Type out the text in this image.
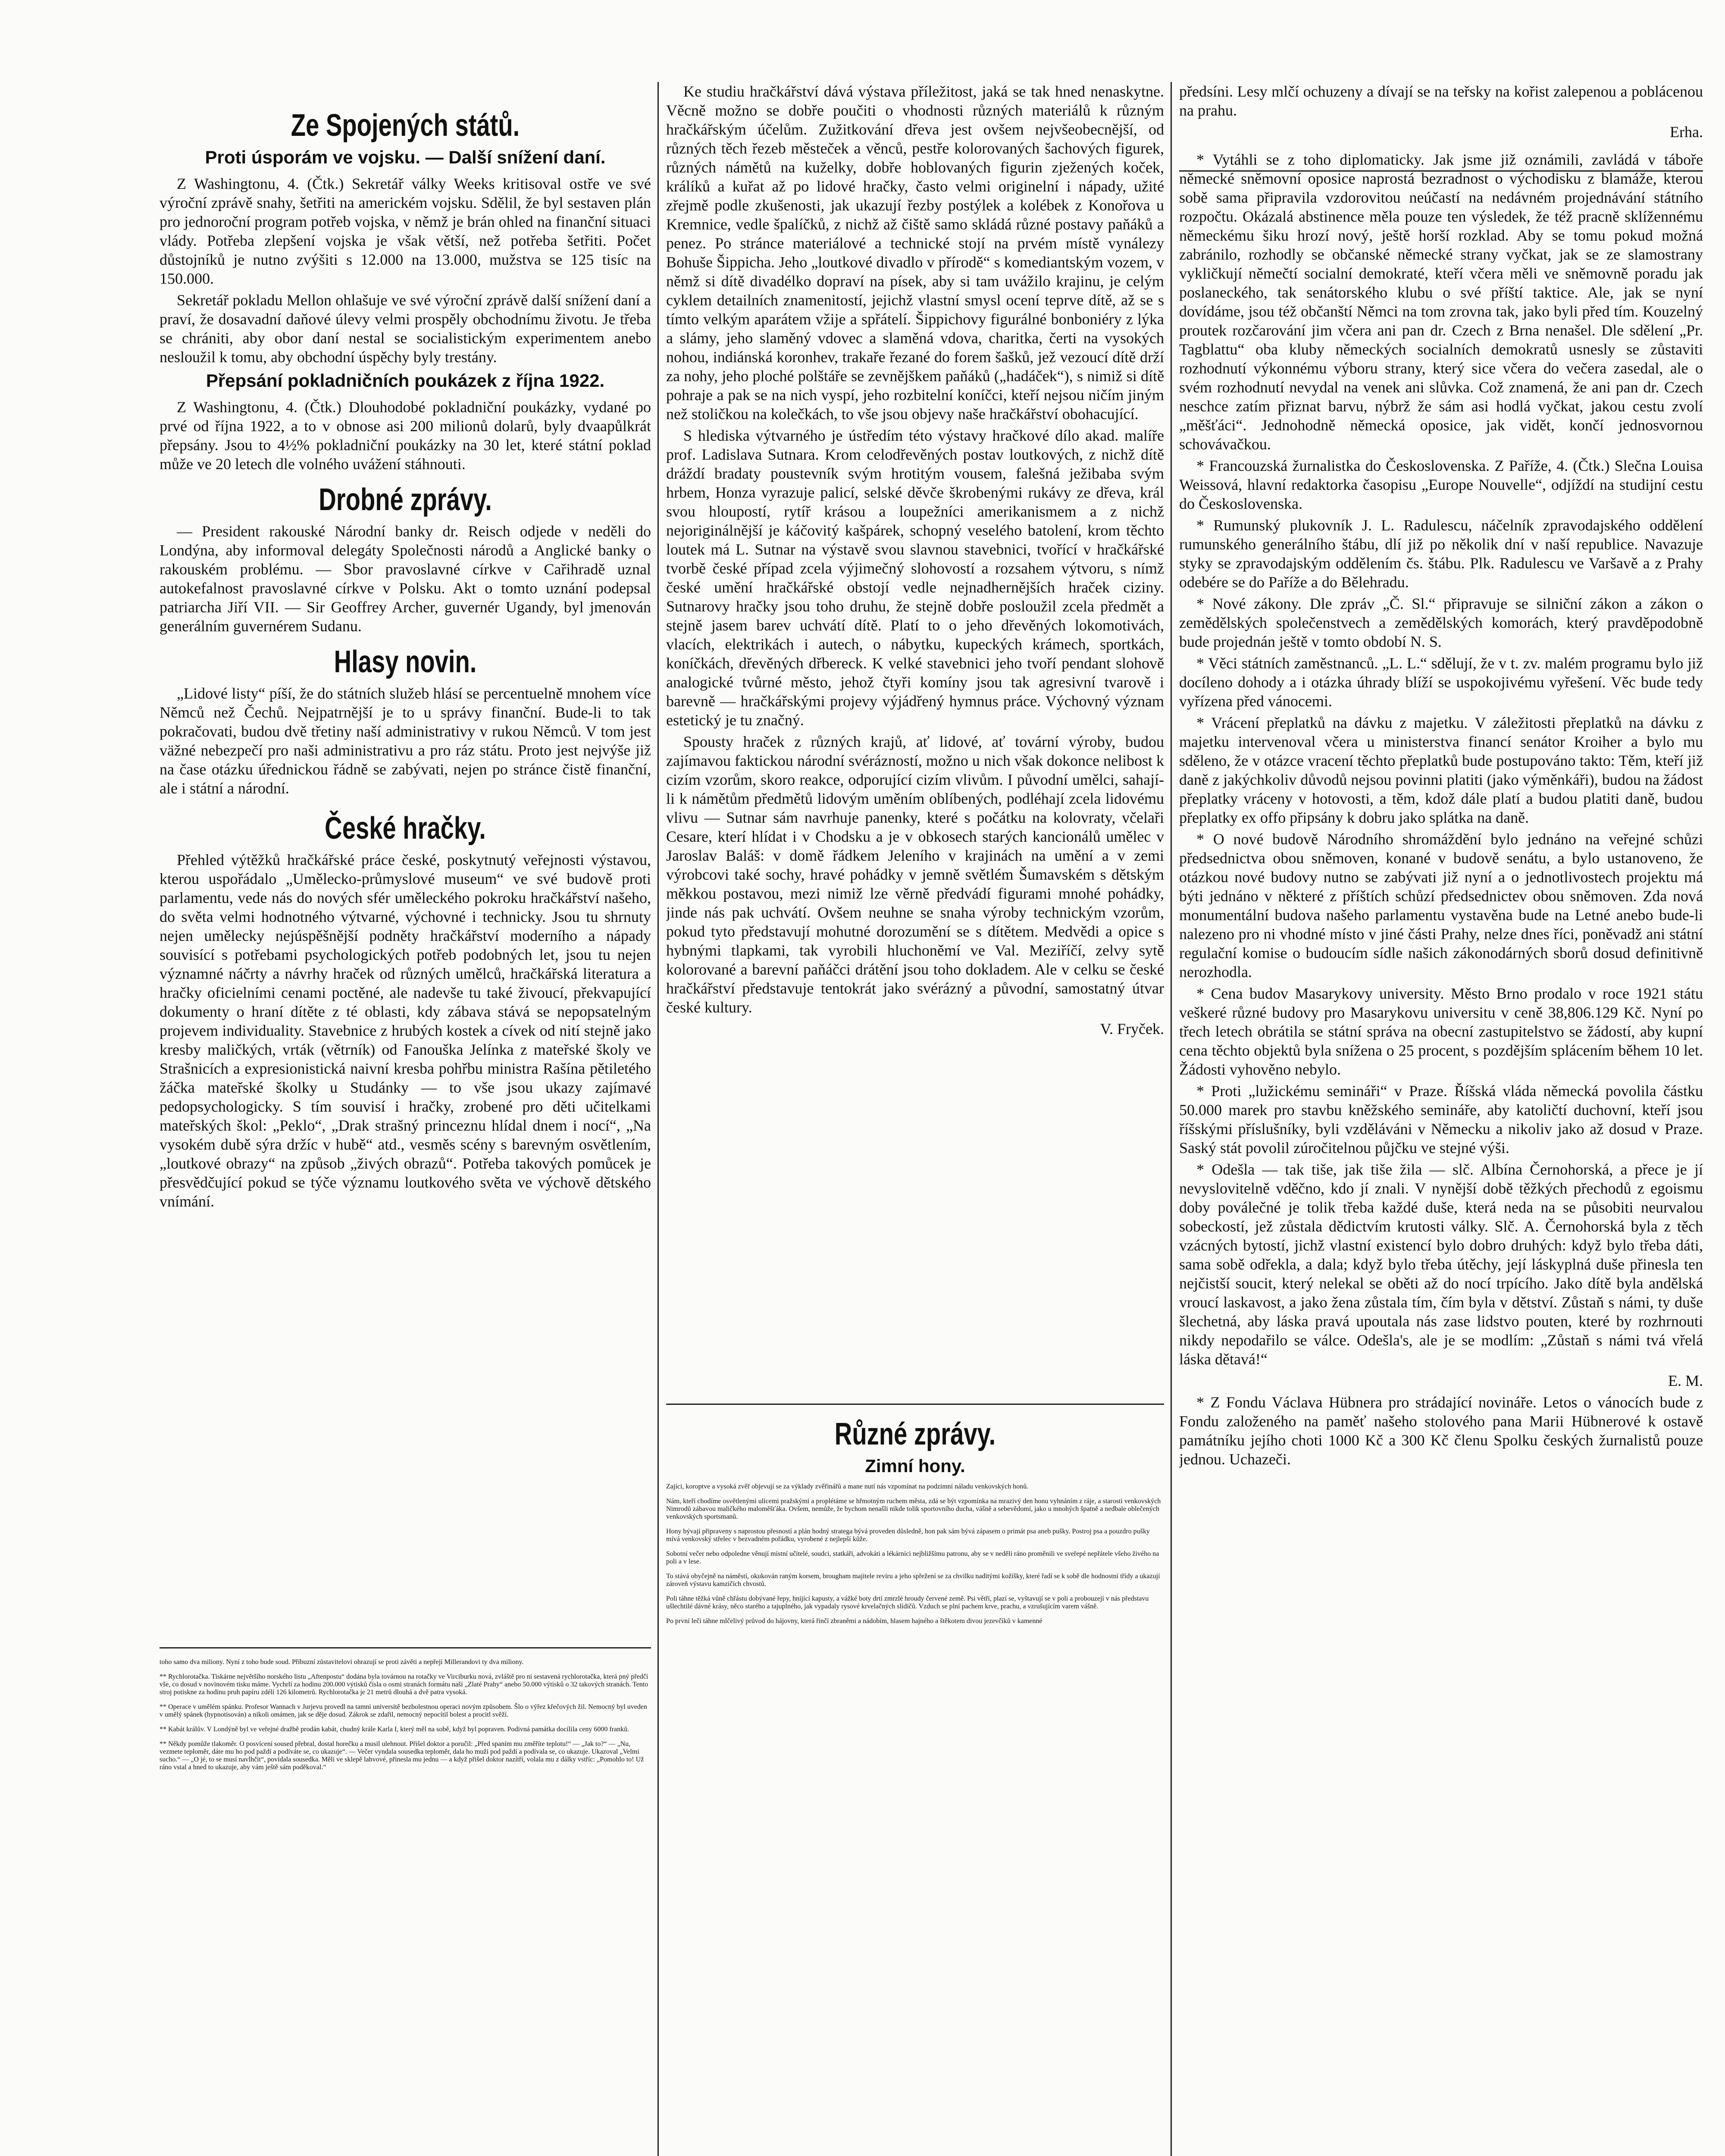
Ze Spojených států.
Proti úsporám ve vojsku. — Další snížení daní.

Z Washingtonu, 4. (Čtk.) Sekretář války Weeks kritisoval ostře ve své výroční zprávě snahy, šetřiti na americkém vojsku. Sdělil, že byl sestaven plán pro jednoroční program potřeb vojska, v němž je brán ohled na finanční situaci vlády. Potřeba zlepšení vojska je však větší, než potřeba šetřiti. Počet důstojníků je nutno zvýšiti s 12.000 na 13.000, mužstva se 125 tisíc na 150.000.

Sekretář pokladu Mellon ohlašuje ve své výroční zprávě další snížení daní a praví, že dosavadní daňové úlevy velmi prospěly obchodnímu životu. Je třeba se chrániti, aby obor daní nestal se socialistickým experimentem anebo nesloužil k tomu, aby obchodní úspěchy byly trestány.

Přepsání pokladničních poukázek z října 1922.

Z Washingtonu, 4. (Čtk.) Dlouhodobé pokladniční poukázky, vydané po prvé od října 1922, a to v obnose asi 200 milionů dolarů, byly dvaapůlkrát přepsány. Jsou to 4½% pokladniční poukázky na 30 let, které státní poklad může ve 20 letech dle volného uvážení stáhnouti.

Drobné zprávy.

— President rakouské Národní banky dr. Reisch odjede v neděli do Londýna, aby informoval delegáty Společnosti národů a Anglické banky o rakouském problému. — Sbor pravoslavné církve v Cařihradě uznal autokefalnost pravoslavné církve v Polsku. Akt o tomto uznání podepsal patriarcha Jiří VII. — Sir Geoffrey Archer, guvernér Ugandy, byl jmenován generálním guvernérem Sudanu.

Hlasy novin.

„Lidové listy“ píší, že do státních služeb hlásí se percentuelně mnohem více Němců než Čechů. Nejpatrnější je to u správy finanční. Bude-li to tak pokračovati, budou dvě třetiny naší administrativy v rukou Němců. V tom jest väžné nebezpečí pro naši administrativu a pro ráz státu. Proto jest nejvýše již na čase otázku úřednickou řádně se zabývati, nejen po stránce čistě finanční, ale i státní a národní.

České hračky.

Přehled výtěžků hračkářské práce české, poskytnutý veřejnosti výstavou, kterou uspořádalo „Umělecko-průmyslové museum“ ve své budově proti parlamentu, vede nás do nových sfér uměleckého pokroku hračkářství našeho, do světa velmi hodnotného výtvarné, výchovné i technicky. Jsou tu shrnuty nejen umělecky nejúspěšnější podněty hračkářství moderního a nápady souvisící s potřebami psychologických potřeb podobných let, jsou tu nejen významné náčrty a návrhy hraček od různých umělců, hračkářská literatura a hračky oficielními cenami poctěné, ale nadevše tu také živoucí, překvapující dokumenty o hraní dítěte z té oblasti, kdy zábava stává se nepopsatelným projevem individuality. Stavebnice z hrubých kostek a cívek od nití stejně jako kresby maličkých, vrták (větrník) od Fanouška Jelínka z mateřské školy ve Strašnicích a expresionistická naivní kresba pohřbu ministra Rašína pětiletého žáčka mateřské školky u Studánky — to vše jsou ukazy zajímavé pedopsychologicky. S tím souvisí i hračky, zrobené pro děti učitelkami mateřských škol: „Peklo“, „Drak strašný princeznu hlídal dnem i nocí“, „Na vysokém dubě sýra držíc v hubě“ atd., vesměs scény s barevným osvětlením, „loutkové obrazy“ na způsob „živých obrazů“. Potřeba takových pomůcek je přesvědčující pokud se týče významu loutkového světa ve výchově dětského vnímání.

toho samo dva miliony. Nyní z toho bude soud. Příbuzní zůstavitelovi ohrazují se proti závěti a nepřejí Millerandovi ty dva miliony.

** Rychlorotačka. Tiskárne největšího norského listu „Aftenpostu“ dodána byla továrnou na rotačky ve Virciburku nová, zvláště pro ni sestavená rychlorotačka, která pný předčí vše, co dosud v novinovém tisku máme. Vychrlí za hodinu 200.000 výtisků čísla o osmi stranách formátu naší „Zlaté Prahy“ anebo 50.000 výtisků o 32 takových stranách. Tento stroj potiskne za hodinu pruh papíru zdélí 126 kilometrů. Rychlorotačka je 21 metrů dlouhá a dvě patra vysoká.

** Operace v umělém spánku. Profesor Wannach v Jurjevu provedl na tamní universitě bezbolestnou operaci novým způsobem. Šlo o výřez křečových žil. Nemocný byl uveden v umělý spánek (hypnotisován) a nikoli omámen, jak se děje dosud. Zákrok se zdařil, nemocný nepocítil bolest a procitl svěží.

** Kabát králův. V Londýně byl ve veřejné dražbě prodán kabát, chudný krále Karla I, který měl na sobě, když byl popraven. Podivná památka docílila ceny 6000 franků.

** Někdy pomůže tlakoměr. O posvícení soused přebral, dostal horečku a musil ulehnout. Přišel doktor a poručil: „Před spaním mu změříte teplotu!“ — „Jak to?“ — „Nu, vezmete teploměr, dáte mu ho pod paždí a podíváte se, co ukazuje“. — Večer vyndala sousedka teploměr, dala ho muži pod paždí a podívala se, co ukazuje. Ukazoval „Velmi sucho.“ — „O jé, to se musí navlhčit“, povídala sousedka. Měli ve sklepě lahvové, přinesla mu jednu — a když přišel doktor nazítří, volala mu z dálky vstříc: „Pomohlo to! Už ráno vstal a hned to ukazuje, aby vám ještě sám poděkoval.“

Ke studiu hračkářství dává výstava příležitost, jaká se tak hned nenaskytne. Věcně možno se dobře poučiti o vhodnosti různých materiálů k různým hračkářským účelům. Zužitkování dřeva jest ovšem nejvšeobecnější, od různých těch řezeb městeček a věnců, pestře kolorovaných šachových figurek, různých námětů na kuželky, dobře hoblovaných figurin zježených koček, králíků a kuřat až po lidové hračky, často velmi originelní i nápady, užité zřejmě podle zkušenosti, jak ukazují řezby postýlek a kolébek z Konořova u Kremnice, vedle špalíčků, z nichž až čiště samo skládá různé postavy paňáků a penez. Po stránce materiálové a technické stojí na prvém místě vynálezy Bohuše Šippicha. Jeho „loutkové divadlo v přírodě“ s komediantským vozem, v němž si dítě divadélko dopraví na písek, aby si tam uvážilo krajinu, je celým cyklem detailních znamenitostí, jejichž vlastní smysl ocení teprve dítě, až se s tímto velkým aparátem vžije a spřátelí. Šippichovy figurálné bonboniéry z lýka a slámy, jeho slaměný vdovec a slaměná vdova, charitka, čerti na vysokých nohou, indiánská koronhev, trakaře řezané do forem šašků, jež vezoucí dítě drží za nohy, jeho ploché polštáře se zevnějškem paňáků („hadáček“), s nimiž si dítě pohraje a pak se na nich vyspí, jeho rozbitelní koníčci, kteří nejsou ničím jiným než stoličkou na kolečkách, to vše jsou objevy naše hračkářství obohacující.

S hlediska výtvarného je ústředím této výstavy hračkové dílo akad. malíře prof. Ladislava Sutnara. Krom celodřevěných postav loutkových, z nichž dítě dráždí bradaty poustevník svým hrotitým vousem, falešná ježibaba svým hrbem, Honza vyrazuje palicí, selské děvče škrobenými rukávy ze dřeva, král svou hloupostí, rytíř krásou a loupežníci amerikanismem a z nichž nejoriginálnější je káčovitý kašpárek, schopný veselého batolení, krom těchto loutek má L. Sutnar na výstavě svou slavnou stavebnici, tvořící v hračkářské tvorbě české případ zcela výjimečný slohovostí a rozsahem výtvoru, s nímž české umění hračkářské obstojí vedle nejnadhernějších hraček ciziny. Sutnarovy hračky jsou toho druhu, že stejně dobře posloužil zcela předmět a stejně jasem barev uchvátí dítě. Platí to o jeho dřevěných lokomotivách, vlacích, elektrikách i autech, o nábytku, kupeckých krámech, sportkách, koníčkách, dřevěných dřbereck. K velké stavebnici jeho tvoří pendant slohově analogické tvůrné město, jehož čtyři komíny jsou tak agresivní tvarově i barevně — hračkářskými projevy výjádřený hymnus práce. Výchovný význam estetický je tu značný.

Spousty hraček z různých krajů, ať lidové, ať tovární výroby, budou zajímavou faktickou národní svérázností, možno u nich však dokonce nelibost k cizím vzorům, skoro reakce, odporující cizím vlivům. I původní umělci, sahají-li k námětům předmětů lidovým uměním oblíbených, podléhají zcela lidovému vlivu — Sutnar sám navrhuje panenky, které s počátku na kolovraty, včelaři Cesare, kterí hlídat i v Chodsku a je v obkosech starých kancionálů umělec v Jaroslav Baláš: v domě řádkem Jeleního v krajinách na umění a v zemi výrobcovi také sochy, hravé pohádky v jemně světlém Šumavském s dětským měkkou postavou, mezi nimiž lze věrně předvádí figurami mnohé pohádky, jinde nás pak uchvátí. Ovšem neuhne se snaha výroby technickým vzorům, pokud tyto představují mohutné dorozumění se s dítětem. Medvědi a opice s hybnými tlapkami, tak vyrobili hluchoněmí ve Val. Meziříčí, zelvy sytě kolorované a barevní paňáčci drátění jsou toho dokladem. Ale v celku se české hračkářství představuje tentokrát jako svérázný a původní, samostatný útvar české kultury.

V. Fryček.

Různé zprávy.
Zimní hony.

Zajíci, koroptve a vysoká zvěř objevují se za výklady zvěřinářů a mane nutí nás vzpomínat na podzimní náladu venkovských honů.

Nám, kteří chodíme osvětlenými ulicemi pražskými a proplétáme se hřmotným ruchem města, zdá se být vzpomínka na mrazivý den honu vyhnáním z ráje, a starosti venkovských Nimrodů zábavou maličkého maloměšťáka. Ovšem, nemůže, že bychom nenašli nikde tolik sportovního ducha, vášně a sebevědomí, jako u mnohých špatně a nedbale oblečených venkovských sportsmanů.

Hony bývají připraveny s naprostou přesností a plán hodný stratega bývá proveden důsledně, hon pak sám bývá zápasem o primát psa aneb pušky. Postroj psa a pouzdro pušky mívá venkovský střelec v bezvadném pořádku, vyrobené z nejlepší kůže.

Sobotní večer nebo odpoledne věnují místní učitelé, soudci, statkáři, advokáti a lékárníci nejbližšímu patronu, aby se v neděli ráno proměnili ve sveřepé nepřátele všeho živého na poli a v lese.

To stává obyčejně na náměstí, okukován raným korsem, brougham majitele revíru a jeho spřežení se za chvilku naditými kožíšky, které řadí se k sobě dle hodnostní třídy a ukazují zároveň výstavu kamzičích chvostů.

Poli táhne těžká vůně chřástu dobývané řepy, hnijící kapusty, a vážké boty drtí zmrzlé hroudy červené země. Psi větří, plazí se, vyštavují se v poli a probouzejí v nás představu ušlechtilé dávné krásy, něco starého a tajuplného, jak vypadaly rysové krvelačných slídičů. Vzduch se plní pachem krve, prachu, a vzrušujícím varem vášně.

Po první leči táhne mlčelivý průvod do hájovny, která řinčí zbraněmi a nádobím, hlasem hajného a štěkotem divou jezevčíků v kamenné

předsíni. Lesy mlčí ochuzeny a dívají se na teřsky na kořist zalepenou a poblácenou na prahu.

Erha.

* Vytáhli se z toho diplomaticky. Jak jsme již oznámili, zavládá v táboře německé sněmovní oposice naprostá bezradnost o východisku z blamáže, kterou sobě sama připravila vzdorovitou neúčastí na nedávném projednávání státního rozpočtu. Okázalá abstinence měla pouze ten výsledek, že též pracně sklížennému německému šiku hrozí nový, ještě horší rozklad. Aby se tomu pokud možná zabránilo, rozhodly se občanské německé strany vyčkat, jak se ze slamostrany vykličkují němečtí socialní demokraté, kteří včera měli ve sněmovně poradu jak poslaneckého, tak senátorského klubu o své příští taktice. Ale, jak se nyní dovídáme, jsou též občanští Němci na tom zrovna tak, jako byli před tím. Kouzelný proutek rozčarování jim včera ani pan dr. Czech z Brna nenašel. Dle sdělení „Pr. Tagblattu“ oba kluby německých socialních demokratů usnesly se zůstaviti rozhodnutí výkonnému výboru strany, který sice včera do večera zasedal, ale o svém rozhodnutí nevydal na venek ani slůvka. Což znamená, že ani pan dr. Czech neschce zatím přiznat barvu, nýbrž že sám asi hodlá vyčkat, jakou cestu zvolí „měšťáci“. Jednohodně německá oposice, jak vidět, končí jednosvornou schovávačkou.

* Francouzská žurnalistka do Československa. Z Paříže, 4. (Čtk.) Slečna Louisa Weissová, hlavní redaktorka časopisu „Europe Nouvelle“, odjíždí na studijní cestu do Československa.

* Rumunský plukovník J. L. Radulescu, náčelník zpravodajského oddělení rumunského generálního štábu, dlí již po několik dní v naší republice. Navazuje styky se zpravodajským oddělením čs. štábu. Plk. Radulescu ve Varšavě a z Prahy odebére se do Paříže a do Bělehradu.

* Nové zákony. Dle zpráv „Č. Sl.“ připravuje se silniční zákon a zákon o zemědělských společenstvech a zemědělských komorách, který pravděpodobně bude projednán ještě v tomto období N. S.

* Věci státních zaměstnanců. „L. L.“ sdělují, že v t. zv. malém programu bylo již docíleno dohody a i otázka úhrady blíží se uspokojivému vyřešení. Věc bude tedy vyřízena před vánocemi.

* Vrácení přeplatků na dávku z majetku. V záležitosti přeplatků na dávku z majetku intervenoval včera u ministerstva financí senátor Kroiher a bylo mu sděleno, že v otázce vracení těchto přeplatků bude postupováno takto: Těm, kteří již daně z jakýchkoliv důvodů nejsou povinni platiti (jako výměnkáři), budou na žádost přeplatky vráceny v hotovosti, a těm, kdož dále platí a budou platiti daně, budou přeplatky ex offo připsány k dobru jako splátka na daně.

* O nové budově Národního shromáždění bylo jednáno na veřejné schůzi předsednictva obou sněmoven, konané v budově senátu, a bylo ustanoveno, že otázkou nové budovy nutno se zabývati již nyní a o jednotlivostech projektu má býti jednáno v některé z příštích schůzí předsednictev obou sněmoven. Zda nová monumentální budova našeho parlamentu vystavěna bude na Letné anebo bude-li nalezeno pro ni vhodné místo v jiné části Prahy, nelze dnes říci, poněvadž ani státní regulační komise o budoucím sídle našich zákonodárných sborů dosud definitivně nerozhodla.

* Cena budov Masarykovy university. Město Brno prodalo v roce 1921 státu veškeré různé budovy pro Masarykovu universitu v ceně 38,806.129 Kč. Nyní po třech letech obrátila se státní správa na obecní zastupitelstvo se žádostí, aby kupní cena těchto objektů byla snížena o 25 procent, s pozdějším splácením během 10 let. Žádosti vyhověno nebylo.

* Proti „lužickému semináři“ v Praze. Říšská vláda německá povolila částku 50.000 marek pro stavbu kněžského semináře, aby katoličtí duchovní, kteří jsou říšskými příslušníky, byli vzděláváni v Německu a nikoliv jako až dosud v Praze. Saský stát povolil zúročitelnou půjčku ve stejné výši.

* Odešla — tak tiše, jak tiše žila — slč. Albína Černohorská, a přece je jí nevyslovitelně vděčno, kdo jí znali. V nynější době těžkých přechodů z egoismu doby poválečné je tolik třeba každé duše, která neda na se působiti neurvalou sobeckostí, jež zůstala dědictvím krutosti války. Slč. A. Černohorská byla z těch vzácných bytostí, jichž vlastní existencí bylo dobro druhých: když bylo třeba dáti, sama sobě odřekla, a dala; když bylo třeba útěchy, její láskyplná duše přinesla ten nejčistší soucit, který nelekal se oběti až do nocí trpícího. Jako dítě byla andělská vroucí laskavost, a jako žena zůstala tím, čím byla v dětství. Zůstaň s námi, ty duše šlechetná, aby láska pravá upoutala nás zase lidstvo pouten, které by rozhrnouti nikdy nepodařilo se válce. Odešla's, ale je se modlím: „Zůstaň s námi tvá vřelá láska dětavá!“

E. M.

* Z Fondu Václava Hübnera pro strádající novináře. Letos o vánocích bude z Fondu založeného na paměť našeho stolového pana Marii Hübnerové k ostavě památníku jejího choti 1000 Kč a 300 Kč členu Spolku českých žurnalistů pouze jednou. Uchazeči.
